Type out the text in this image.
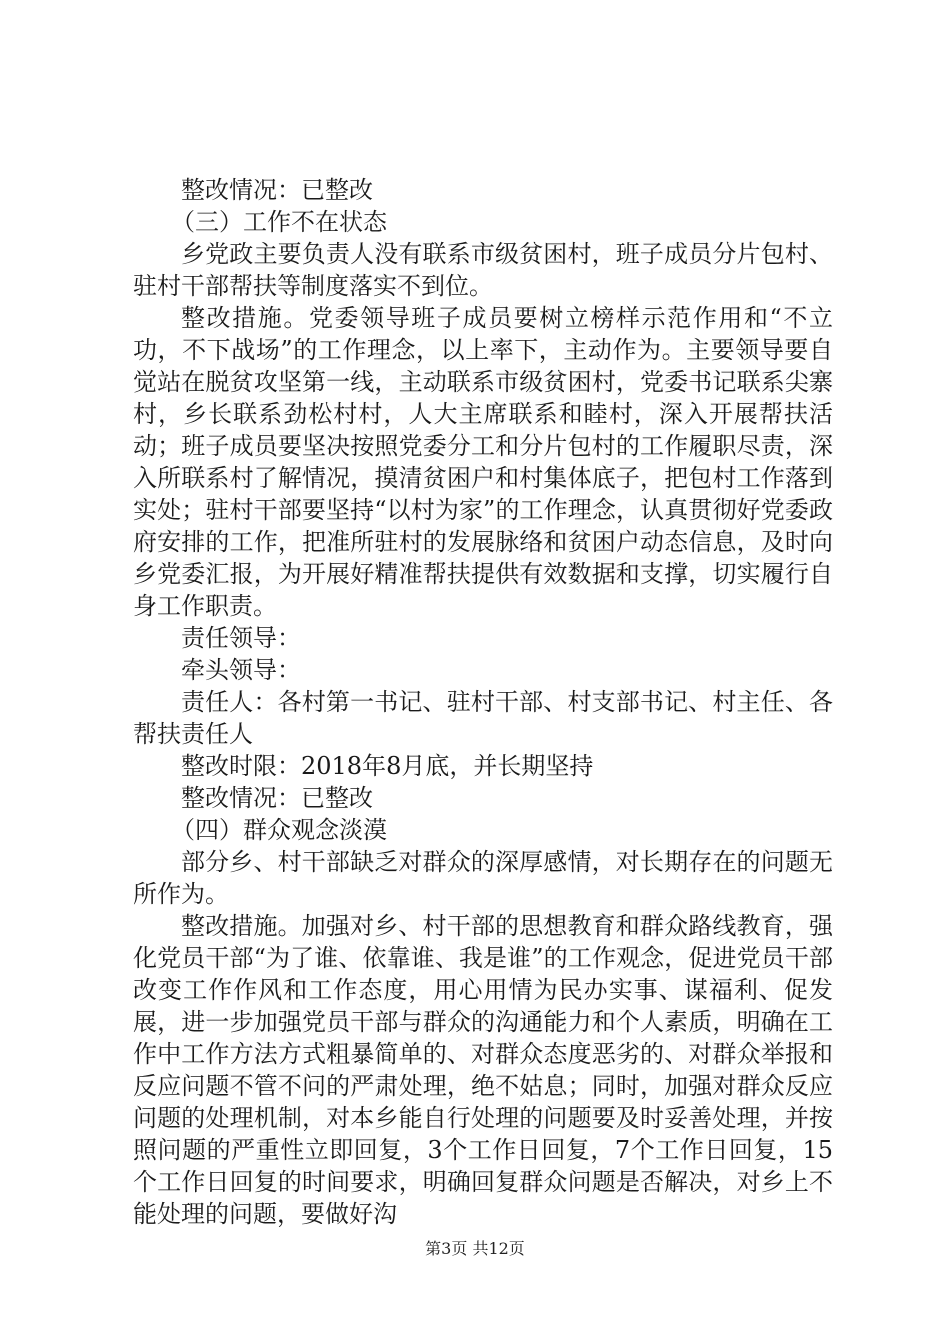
整改情况：已整改

（三）工作不在状态

乡党政主要负责人没有联系市级贫困村，班子成员分片包村、驻村干部帮扶等制度落实不到位。

整改措施。党委领导班子成员要树立榜样示范作用和“不立功，不下战场”的工作理念，以上率下，主动作为。主要领导要自觉站在脱贫攻坚第一线，主动联系市级贫困村，党委书记联系尖寨村，乡长联系劲松村村，人大主席联系和睦村，深入开展帮扶活动；班子成员要坚决按照党委分工和分片包村的工作履职尽责，深入所联系村了解情况，摸清贫困户和村集体底子，把包村工作落到实处；驻村干部要坚持“以村为家”的工作理念，认真贯彻好党委政府安排的工作，把准所驻村的发展脉络和贫困户动态信息，及时向乡党委汇报，为开展好精准帮扶提供有效数据和支撑，切实履行自身工作职责。

责任领导：

牵头领导：

责任人：各村第一书记、驻村干部、村支部书记、村主任、各帮扶责任人

整改时限：2018年8月底，并长期坚持

整改情况：已整改

（四）群众观念淡漠

部分乡、村干部缺乏对群众的深厚感情，对长期存在的问题无所作为。

整改措施。加强对乡、村干部的思想教育和群众路线教育，强化党员干部“为了谁、依靠谁、我是谁”的工作观念，促进党员干部改变工作作风和工作态度，用心用情为民办实事、谋福利、促发展，进一步加强党员干部与群众的沟通能力和个人素质，明确在工作中工作方法方式粗暴简单的、对群众态度恶劣的、对群众举报和反应问题不管不问的严肃处理，绝不姑息；同时，加强对群众反应问题的处理机制，对本乡能自行处理的问题要及时妥善处理，并按照问题的严重性立即回复，3个工作日回复，7个工作日回复，15个工作日回复的时间要求，明确回复群众问题是否解决，对乡上不能处理的问题，要做好沟

第3页 共12页
